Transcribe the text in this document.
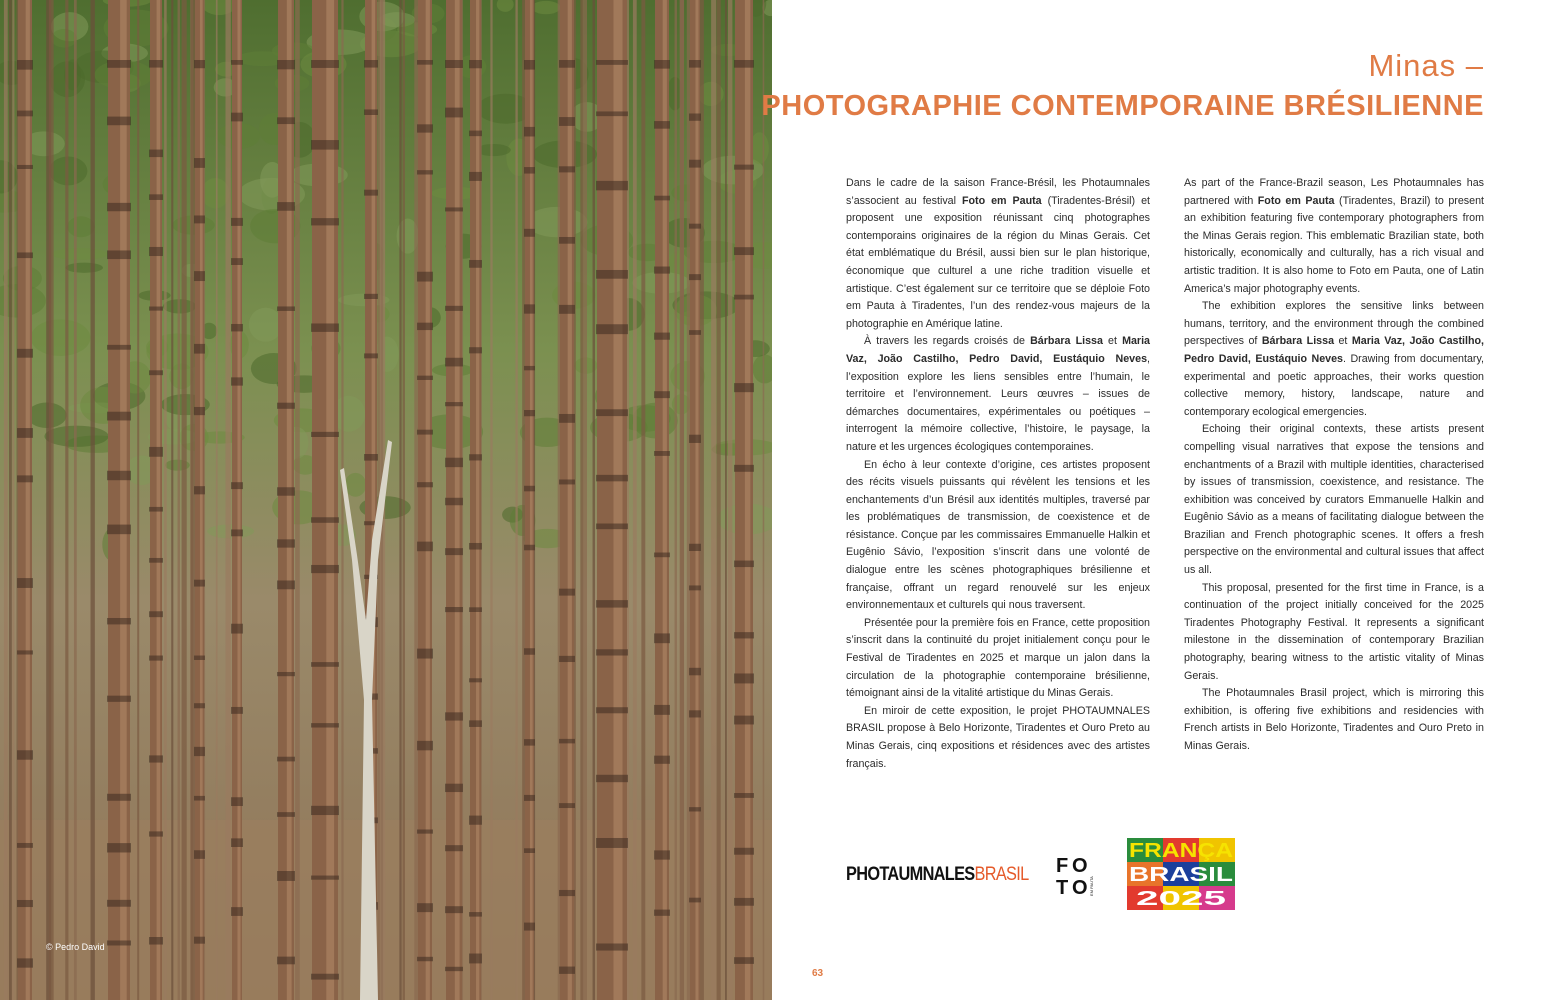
© Pedro David
Minas –
PHOTOGRAPHIE CONTEMPORAINE BRÉSILIENNE

Dans le cadre de la saison France-Brésil, les Photaumnales s’associent au festival Foto em Pauta (Tiradentes-Brésil) et proposent une exposition réunissant cinq photographes contemporains originaires de la région du Minas Gerais. Cet état emblématique du Brésil, aussi bien sur le plan historique, économique que culturel a une riche tradition visuelle et artistique. C’est également sur ce territoire que se déploie Foto em Pauta à Tiradentes, l’un des rendez-vous majeurs de la photographie en Amérique latine.

À travers les regards croisés de Bárbara Lissa et Maria Vaz, João Castilho, Pedro David, Eustáquio Neves, l’exposition explore les liens sensibles entre l’humain, le territoire et l’environnement. Leurs œuvres – issues de démarches documentaires, expérimentales ou poétiques – interrogent la mémoire collective, l’histoire, le paysage, la nature et les urgences écologiques contemporaines.

En écho à leur contexte d’origine, ces artistes proposent des récits visuels puissants qui révèlent les tensions et les enchantements d’un Brésil aux identités multiples, traversé par les problématiques de transmission, de coexistence et de résistance. Conçue par les commissaires Emmanuelle Halkin et Eugênio Sávio, l’exposition s’inscrit dans une volonté de dialogue entre les scènes photographiques brésilienne et française, offrant un regard renouvelé sur les enjeux environnementaux et culturels qui nous traversent.

Présentée pour la première fois en France, cette proposition s’inscrit dans la continuité du projet initialement conçu pour le Festival de Tiradentes en 2025 et marque un jalon dans la circulation de la photographie contemporaine brésilienne, témoignant ainsi de la vitalité artistique du Minas Gerais.

En miroir de cette exposition, le projet PHOTAUMNALES BRASIL propose à Belo Horizonte, Tiradentes et Ouro Preto au Minas Gerais, cinq expositions et résidences avec des artistes français.

As part of the France-Brazil season, Les Photaumnales has partnered with Foto em Pauta (Tiradentes, Brazil) to present an exhibition featuring five contemporary photographers from the Minas Gerais region. This emblematic Brazilian state, both historically, economically and culturally, has a rich visual and artistic tradition. It is also home to Foto em Pauta, one of Latin America’s major photography events.

The exhibition explores the sensitive links between humans, territory, and the environment through the combined perspectives of Bárbara Lissa et Maria Vaz, João Castilho, Pedro David, Eustáquio Neves. Drawing from documentary, experimental and poetic approaches, their works question collective memory, history, landscape, nature and contemporary ecological emergencies.

Echoing their original contexts, these artists present compelling visual narratives that expose the tensions and enchantments of a Brazil with multiple identities, characterised by issues of transmission, coexistence, and resistance. The exhibition was conceived by curators Emmanuelle Halkin and Eugênio Sávio as a means of facilitating dialogue between the Brazilian and French photographic scenes. It offers a fresh perspective on the environmental and cultural issues that affect us all.

This proposal, presented for the first time in France, is a continuation of the project initially conceived for the 2025 Tiradentes Photography Festival. It represents a significant milestone in the dissemination of contemporary Brazilian photography, bearing witness to the artistic vitality of Minas Gerais.

The Photaumnales Brasil project, which is mirroring this exhibition, is offering five exhibitions and residencies with French artists in Belo Horizonte, Tiradentes and Ouro Preto in Minas Gerais.

PHOTAUMNALESBRASIL F O
T O EM PAUTA
FRANÇA
BRASIL
2025
63
